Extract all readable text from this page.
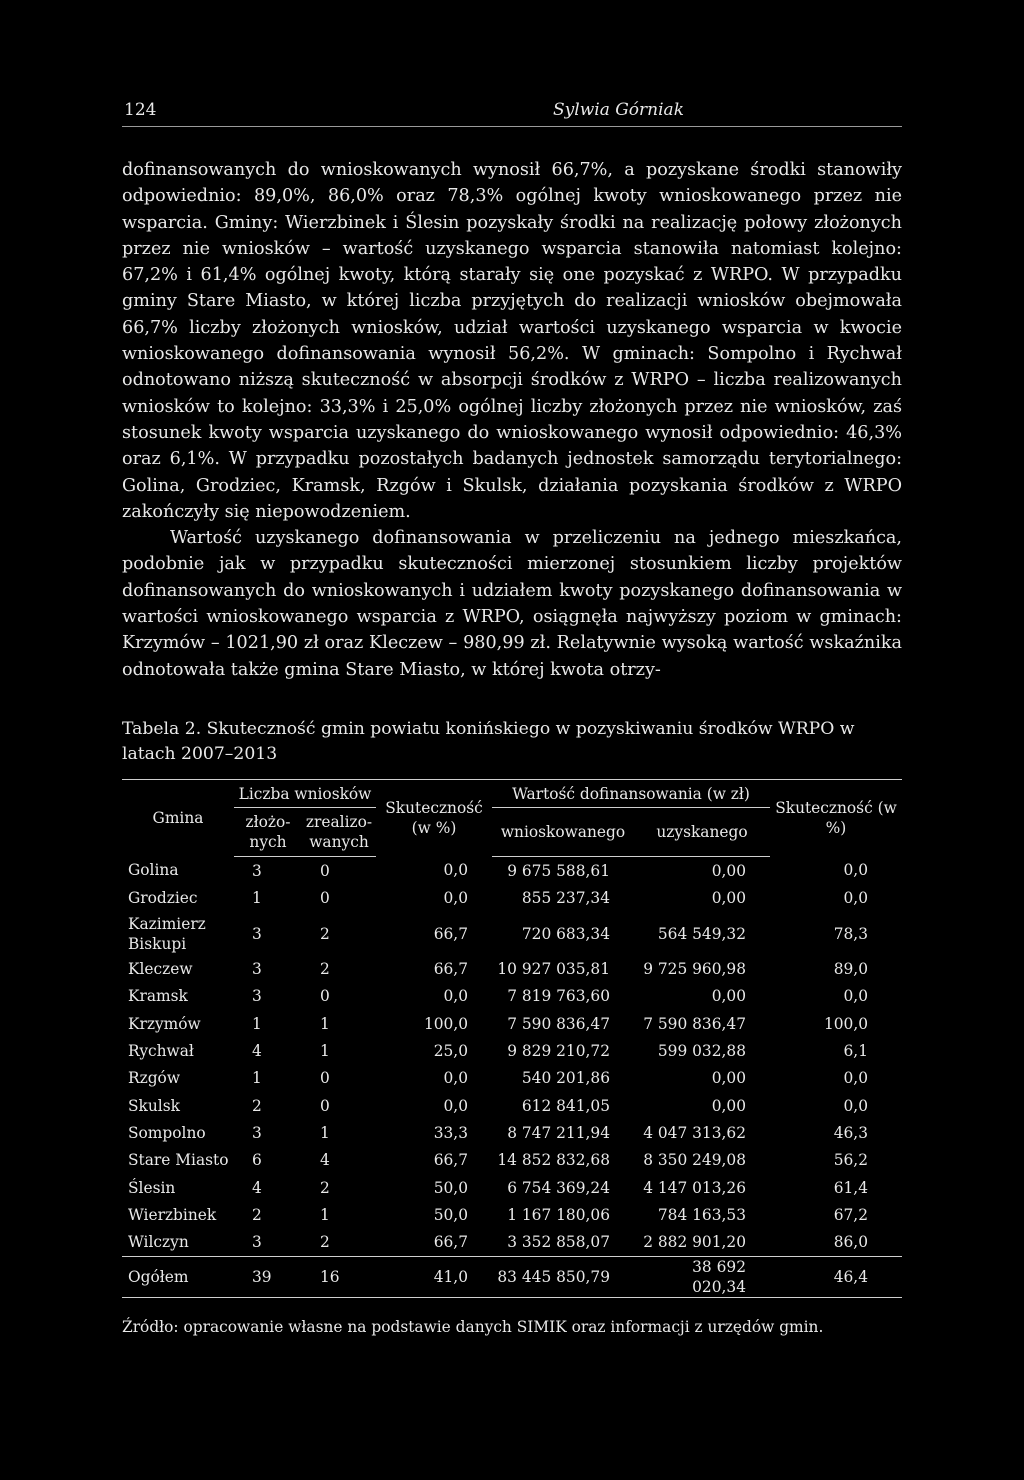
124	Sylwia Górniak

dofinansowanych do wnioskowanych wynosił 66,7%, a pozyskane środki stanowiły odpowiednio: 89,0%, 86,0% oraz 78,3% ogólnej kwoty wnioskowanego przez nie wsparcia. Gminy: Wierzbinek i Ślesin pozyskały środki na realizację połowy złożonych przez nie wniosków – wartość uzyskanego wsparcia stanowiła natomiast kolejno: 67,2% i 61,4% ogólnej kwoty, którą starały się one pozyskać z WRPO. W przypadku gminy Stare Miasto, w której liczba przyjętych do realizacji wniosków obejmowała 66,7% liczby złożonych wniosków, udział wartości uzyskanego wsparcia w kwocie wnioskowanego dofinansowania wynosił 56,2%. W gminach: Sompolno i Rychwał odnotowano niższą skuteczność w absorpcji środków z WRPO – liczba realizowanych wniosków to kolejno: 33,3% i 25,0% ogólnej liczby złożonych przez nie wniosków, zaś stosunek kwoty wsparcia uzyskanego do wnioskowanego wynosił odpowiednio: 46,3% oraz 6,1%. W przypadku pozostałych badanych jednostek samorządu terytorialnego: Golina, Grodziec, Kramsk, Rzgów i Skulsk, działania pozyskania środków z WRPO zakończyły się niepowodzeniem.

Wartość uzyskanego dofinansowania w przeliczeniu na jednego mieszkańca, podobnie jak w przypadku skuteczności mierzonej stosunkiem liczby projektów dofinansowanych do wnioskowanych i udziałem kwoty pozyskanego dofinansowania w wartości wnioskowanego wsparcia z WRPO, osiągnęła najwyższy poziom w gminach: Krzymów – 1021,90 zł oraz Kleczew – 980,99 zł. Relatywnie wysoką wartość wskaźnika odnotowała także gmina Stare Miasto, w której kwota otrzy-

Tabela 2. Skuteczność gmin powiatu konińskiego w pozyskiwaniu środków WRPO w latach 2007–2013
Gmina	Liczba wniosków		Skuteczność (w %)	Wartość dofinansowania (w zł)		Skuteczność (w %)
	złożo-nych	zrealizo-wanych		wnioskowanego	uzyskanego	
Golina	3	0	0,0	9 675 588,61	0,00	0,0
Grodziec	1	0	0,0	855 237,34	0,00	0,0
Kazimierz Biskupi	3	2	66,7	720 683,34	564 549,32	78,3
Kleczew	3	2	66,7	10 927 035,81	9 725 960,98	89,0
Kramsk	3	0	0,0	7 819 763,60	0,00	0,0
Krzymów	1	1	100,0	7 590 836,47	7 590 836,47	100,0
Rychwał	4	1	25,0	9 829 210,72	599 032,88	6,1
Rzgów	1	0	0,0	540 201,86	0,00	0,0
Skulsk	2	0	0,0	612 841,05	0,00	0,0
Sompolno	3	1	33,3	8 747 211,94	4 047 313,62	46,3
Stare Miasto	6	4	66,7	14 852 832,68	8 350 249,08	56,2
Ślesin	4	2	50,0	6 754 369,24	4 147 013,26	61,4
Wierzbinek	2	1	50,0	1 167 180,06	784 163,53	67,2
Wilczyn	3	2	66,7	3 352 858,07	2 882 901,20	86,0
Ogółem	39	16	41,0	83 445 850,79	38 692 020,34	46,4
Źródło: opracowanie własne na podstawie danych SIMIK oraz informacji z urzędów gmin.
